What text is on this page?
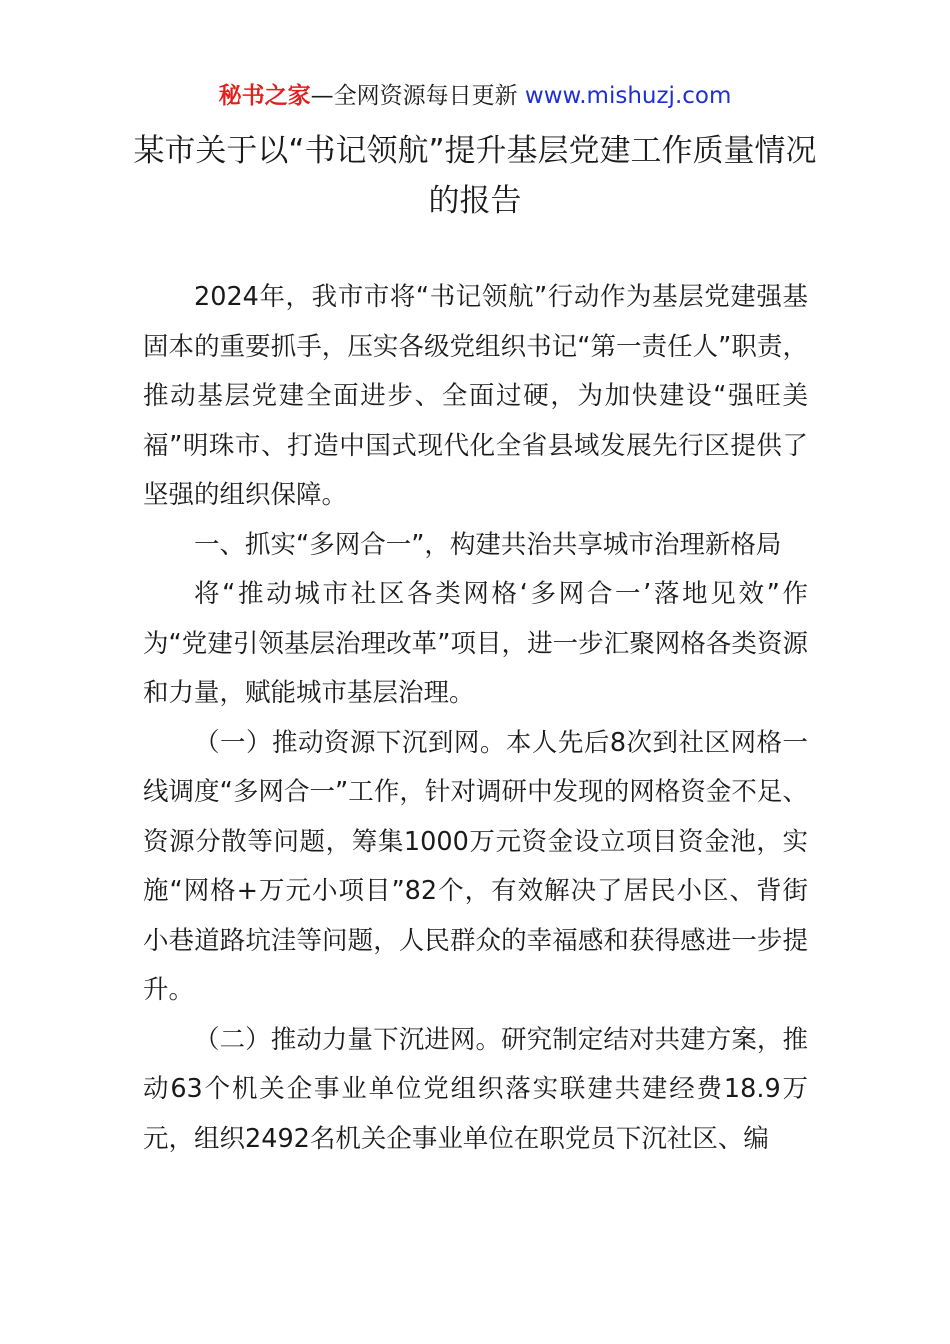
秘书之家—全网资源每日更新 www.mishuzj.com
某市关于以“书记领航”提升基层党建工作质量情况的报告

2024年，我市市将“书记领航”行动作为基层党建强基固本的重要抓手，压实各级党组织书记“第一责任人”职责，推动基层党建全面进步、全面过硬，为加快建设“强旺美福”明珠市、打造中国式现代化全省县域发展先行区提供了坚强的组织保障。

一、抓实“多网合一”，构建共治共享城市治理新格局

将“推动城市社区各类网格‘多网合一’落地见效”作为“党建引领基层治理改革”项目，进一步汇聚网格各类资源和力量，赋能城市基层治理。

（一）推动资源下沉到网。本人先后8次到社区网格一线调度“多网合一”工作，针对调研中发现的网格资金不足、资源分散等问题，筹集1000万元资金设立项目资金池，实施“网格+万元小项目”82个，有效解决了居民小区、背街小巷道路坑洼等问题，人民群众的幸福感和获得感进一步提升。

（二）推动力量下沉进网。研究制定结对共建方案，推动63个机关企事业单位党组织落实联建共建经费18.9万元，组织2492名机关企事业单位在职党员下沉社区、编
